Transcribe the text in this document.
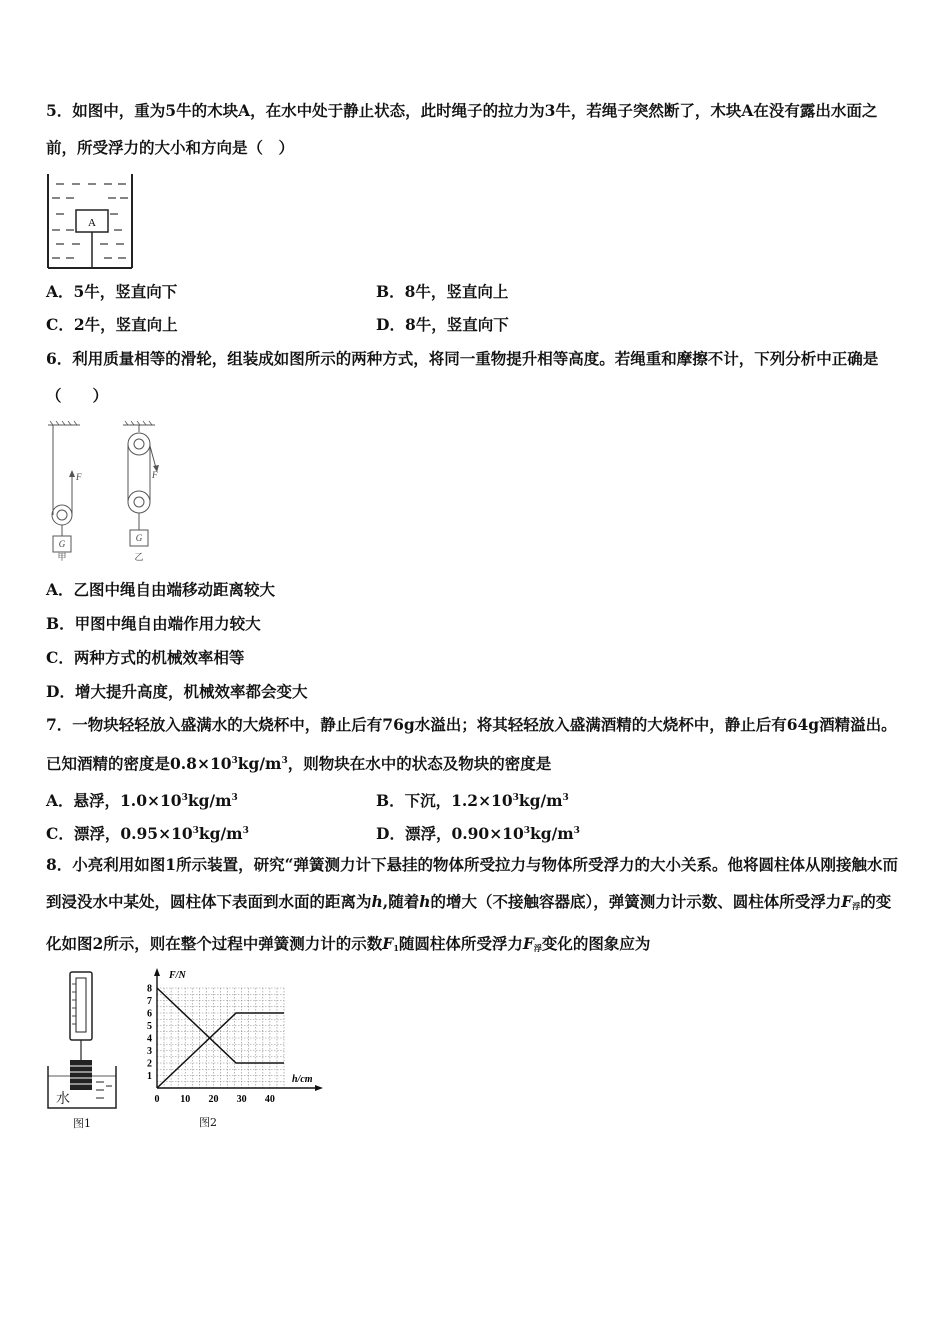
5．如图中，重为5牛的木块A，在水中处于静止状态，此时绳子的拉力为3牛，若绳子突然断了，木块A在没有露出水面之前，所受浮力的大小和方向是（　）
A
A．5牛，竖直向下	B．8牛，竖直向上
C．2牛，竖直向上	D．8牛，竖直向下
6．利用质量相等的滑轮，组装成如图所示的两种方式，将同一重物提升相等高度。若绳重和摩擦不计，下列分析中正确是（　　）
F	F
G
G
甲	乙
A．乙图中绳自由端移动距离较大
B．甲图中绳自由端作用力较大
C．两种方式的机械效率相等
D．增大提升高度，机械效率都会变大
7．一物块轻轻放入盛满水的大烧杯中，静止后有76g水溢出；将其轻轻放入盛满酒精的大烧杯中，静止后有64g酒精溢出。已知酒精的密度是$0.8\times 10^3kg/m^3$，则物块在水中的状态及物块的密度是
A．悬浮，$1.0\times 10^3kg/m^3$	B．下沉，$1.2\times 10^3kg/m^3$
C．漂浮，$0.95\times 10^3kg/m^3$	D．漂浮，$0.90\times 10^3kg/m^3$
8．小亮利用如图1所示装置，研究“弹簧测力计下悬挂的物体所受拉力与物体所受浮力的大小关系。他将圆柱体从刚接触水而到浸没水中某处，圆柱体下表面到水面的距离为h,随着h的增大（不接触容器底），弹簧测力计示数、圆柱体所受浮力$F_浮$的变化如图2所示，则在整个过程中弹簧测力计的示数$F_1$随圆柱体所受浮力$F_浮$变化的图象应为
水
图1
0 10 20 30 40
1
2
3
4
5
6
7
8
F/N
h/cm
图2
